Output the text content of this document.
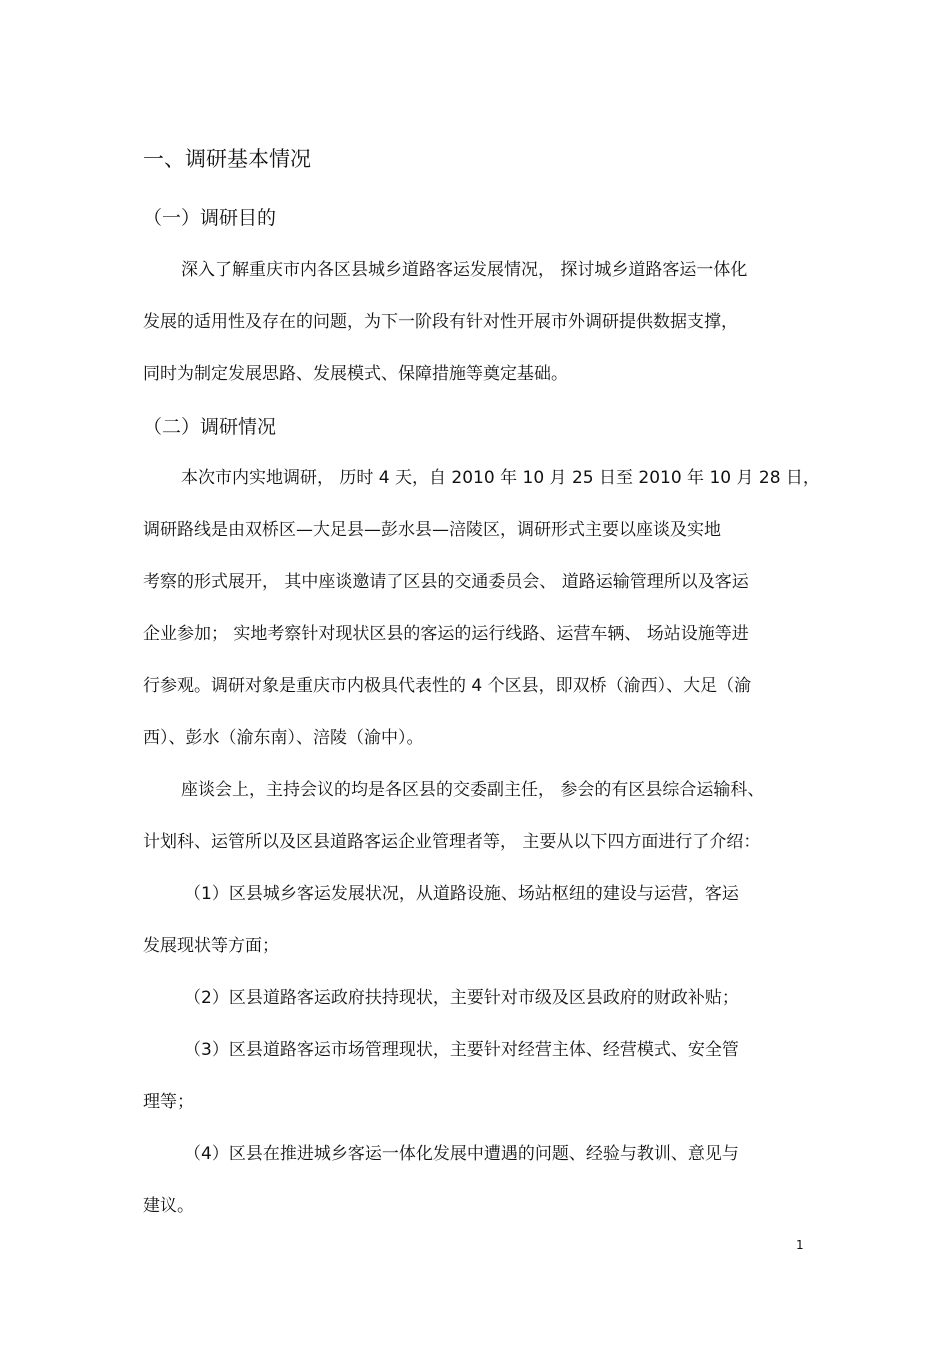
一、调研基本情况

（一）调研目的

深入了解重庆市内各区县城乡道路客运发展情况， 探讨城乡道路客运一体化

发展的适用性及存在的问题，为下一阶段有针对性开展市外调研提供数据支撑，

同时为制定发展思路、发展模式、保障措施等奠定基础。

（二）调研情况

本次市内实地调研， 历时 4 天，自 2010 年 10 月 25 日至 2010 年 10 月 28 日，

调研路线是由双桥区—大足县—彭水县—涪陵区，调研形式主要以座谈及实地

考察的形式展开， 其中座谈邀请了区县的交通委员会、 道路运输管理所以及客运

企业参加； 实地考察针对现状区县的客运的运行线路、运营车辆、 场站设施等进

行参观。调研对象是重庆市内极具代表性的 4 个区县，即双桥（渝西）、大足（渝

西）、彭水（渝东南）、涪陵（渝中）。

座谈会上，主持会议的均是各区县的交委副主任， 参会的有区县综合运输科、

计划科、运管所以及区县道路客运企业管理者等， 主要从以下四方面进行了介绍：

（1）区县城乡客运发展状况，从道路设施、场站枢纽的建设与运营，客运

发展现状等方面；

（2）区县道路客运政府扶持现状，主要针对市级及区县政府的财政补贴；

（3）区县道路客运市场管理现状，主要针对经营主体、经营模式、安全管

理等；

（4）区县在推进城乡客运一体化发展中遭遇的问题、经验与教训、意见与

建议。

1
